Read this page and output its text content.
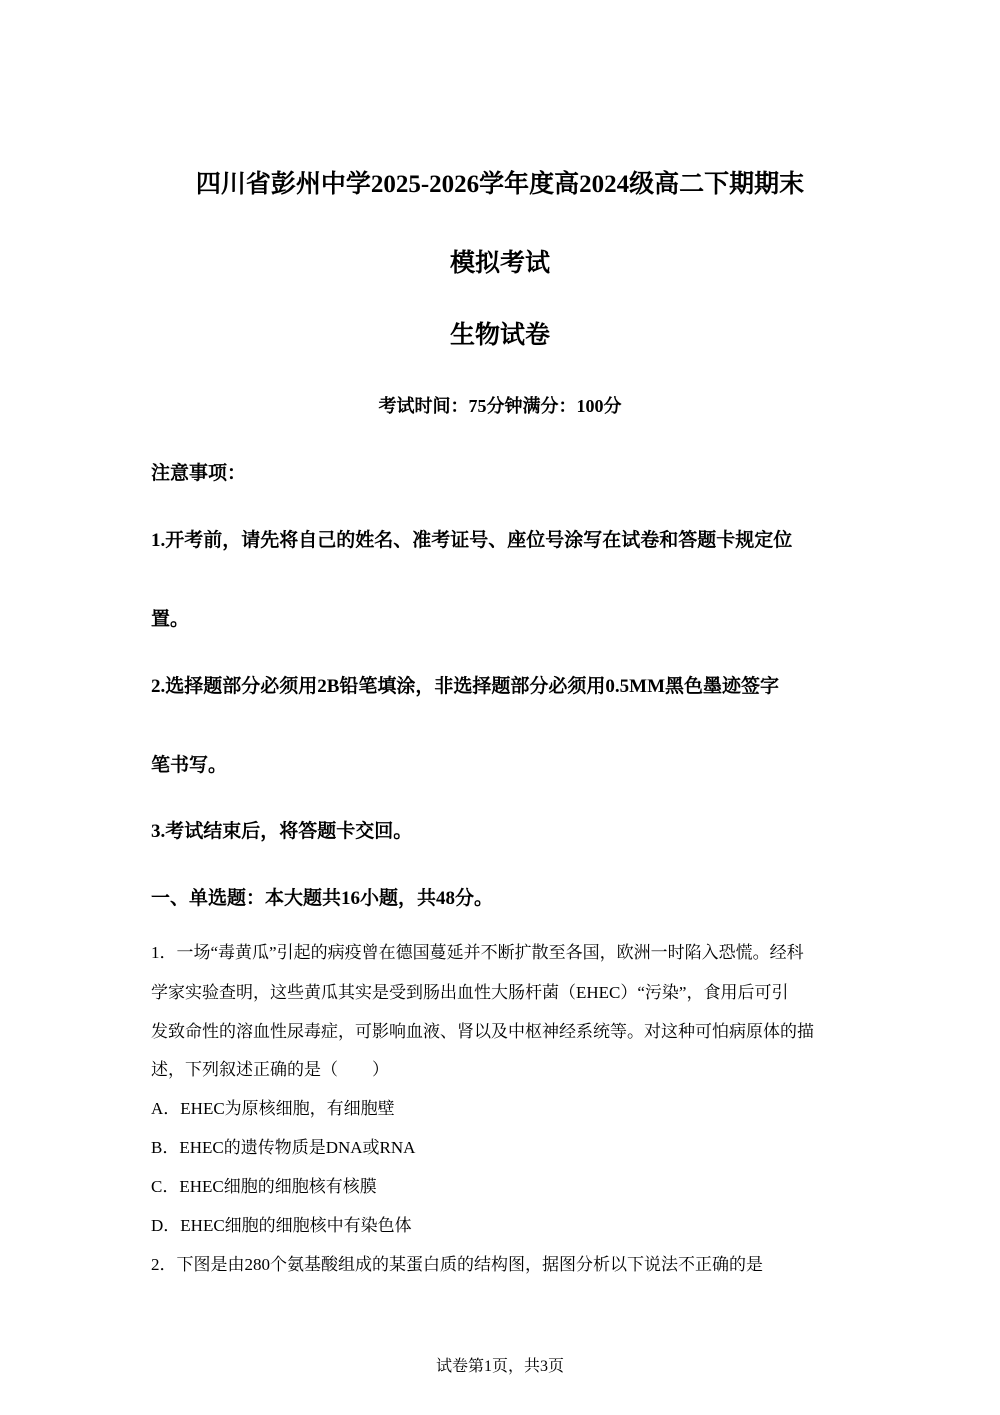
四川省彭州中学2025-2026学年度高2024级高二下期期末
模拟考试
生物试卷
考试时间：75分钟满分：100分
注意事项：
1.开考前，请先将自己的姓名、准考证号、座位号涂写在试卷和答题卡规定位
置。
2.选择题部分必须用2B铅笔填涂，非选择题部分必须用0.5MM黑色墨迹签字
笔书写。
3.考试结束后，将答题卡交回。
一、单选题：本大题共16小题，共48分。
1．一场“毒黄瓜”引起的病疫曾在德国蔓延并不断扩散至各国，欧洲一时陷入恐慌。经科
学家实验查明，这些黄瓜其实是受到肠出血性大肠杆菌（EHEC）“污染”，食用后可引
发致命性的溶血性尿毒症，可影响血液、肾以及中枢神经系统等。对这种可怕病原体的描
述，下列叙述正确的是（　　）
A．EHEC为原核细胞，有细胞壁
B．EHEC的遗传物质是DNA或RNA
C．EHEC细胞的细胞核有核膜
D．EHEC细胞的细胞核中有染色体
2．下图是由280个氨基酸组成的某蛋白质的结构图，据图分析以下说法不正确的是
试卷第1页，共3页
